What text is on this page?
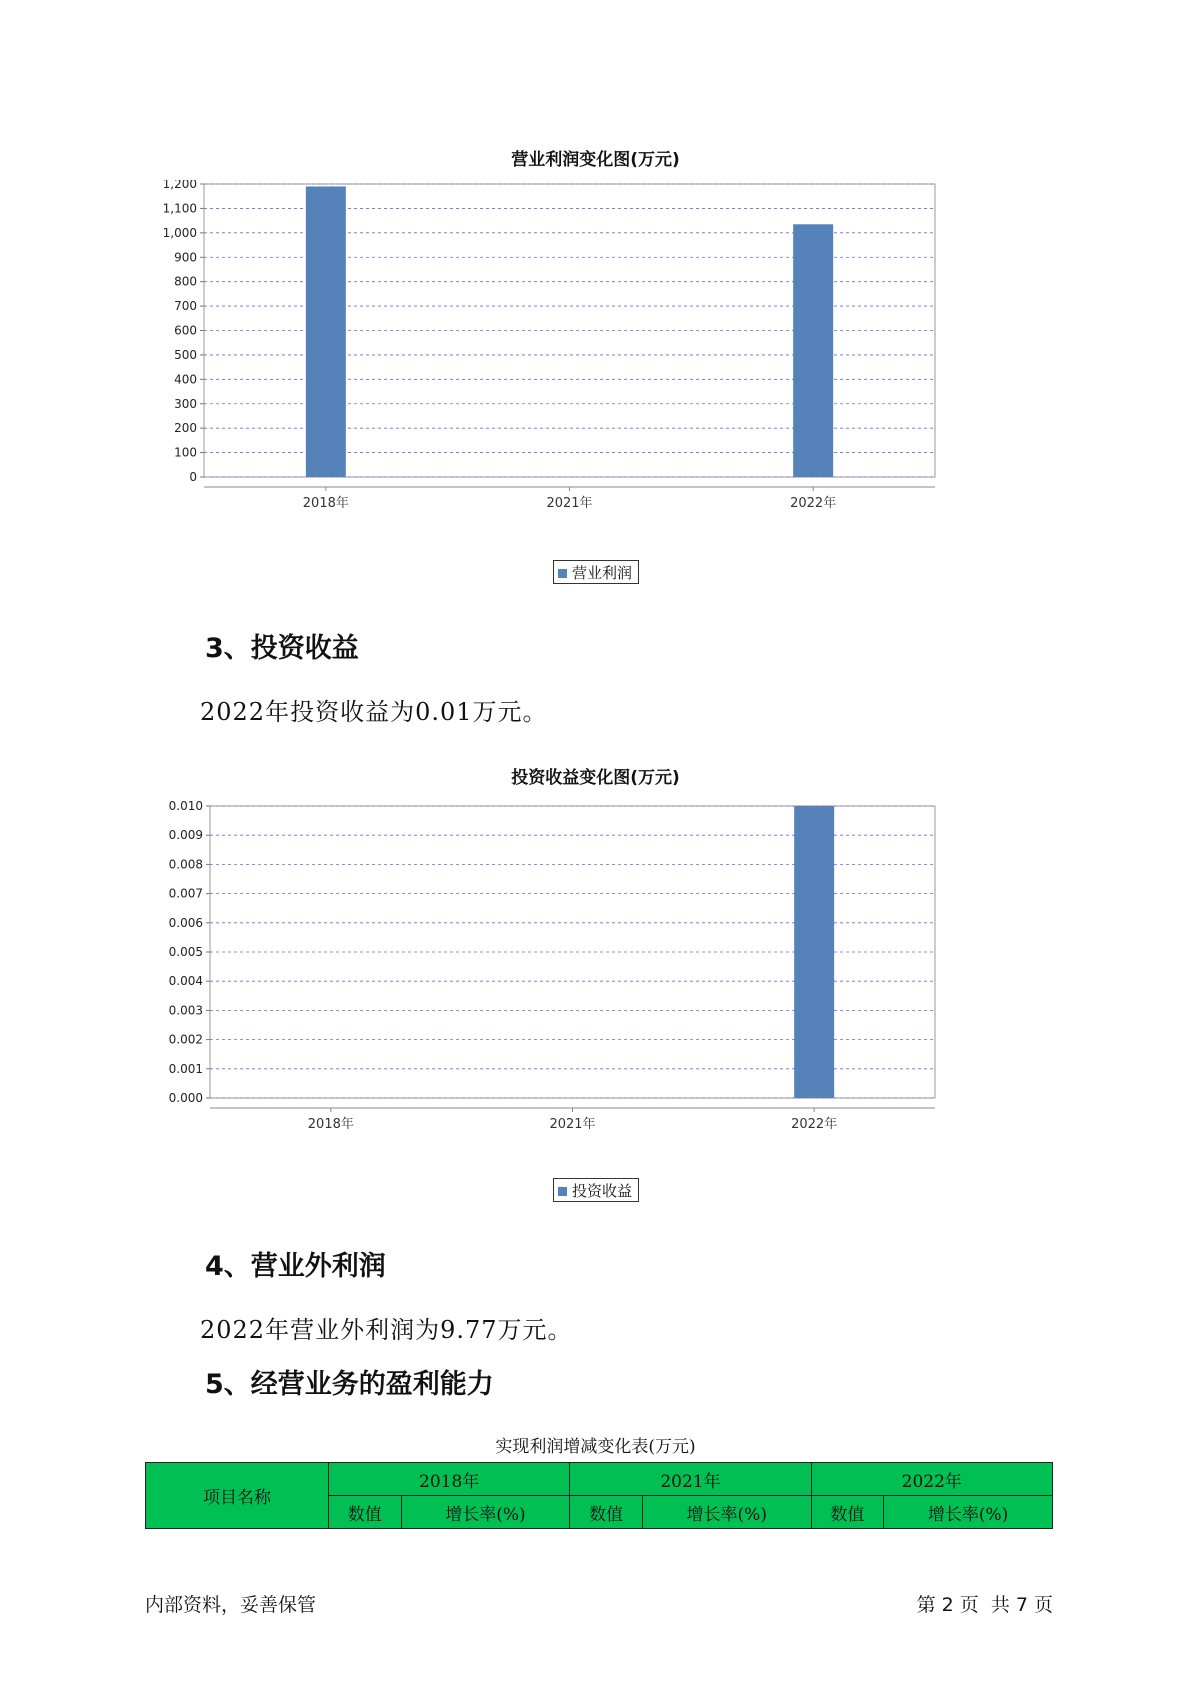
营业利润变化图(万元)
0
100
200
300
400
500
600
700
800
900
1,000
1,100
1,200
2018年	2021年	2022年
营业利润
3、投资收益
2022年投资收益为0.01万元。
投资收益变化图(万元)
0.000
0.001
0.002
0.003
0.004
0.005
0.006
0.007
0.008
0.009
0.010
2018年	2021年	2022年
投资收益
4、营业外利润
2022年营业外利润为9.77万元。
5、经营业务的盈利能力
实现利润增减变化表(万元)
项目名称	2018年		2021年		2022年	
	数值	增长率(%)	数值	增长率(%)	数值	增长率(%)
内部资料，妥善保管	第 2 页  共 7 页
